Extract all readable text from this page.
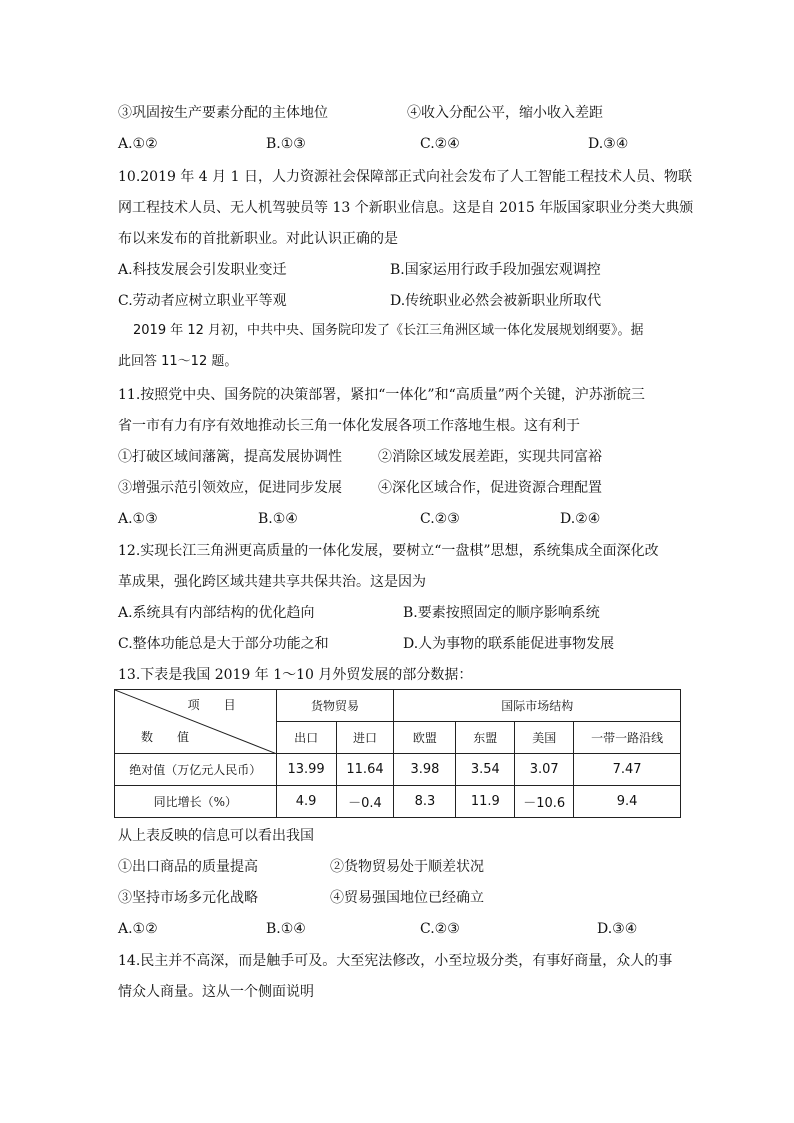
③巩固按生产要素分配的主体地位	④收入分配公平，缩小收入差距
A.①②	B.①③	C.②④	D.③④
10.2019 年 4 月 1 日，人力资源社会保障部正式向社会发布了人工智能工程技术人员、物联
网工程技术人员、无人机驾驶员等 13 个新职业信息。这是自 2015 年版国家职业分类大典颁
布以来发布的首批新职业。对此认识正确的是
A.科技发展会引发职业变迁	B.国家运用行政手段加强宏观调控
C.劳动者应树立职业平等观	D.传统职业必然会被新职业所取代
2019 年 12 月初，中共中央、国务院印发了《长江三角洲区域一体化发展规划纲要》。据
此回答 11～12 题。
11.按照党中央、国务院的决策部署，紧扣“一体化”和“高质量”两个关键，沪苏浙皖三
省一市有力有序有效地推动长三角一体化发展各项工作落地生根。这有利于
①打破区域间藩篱，提高发展协调性	②消除区域发展差距，实现共同富裕
③增强示范引领效应，促进同步发展	④深化区域合作，促进资源合理配置
A.①③	B.①④	C.②③	D.②④
12.实现长江三角洲更高质量的一体化发展，要树立“一盘棋”思想，系统集成全面深化改
革成果，强化跨区域共建共享共保共治。这是因为
A.系统具有内部结构的优化趋向	B.要素按照固定的顺序影响系统
C.整体功能总是大于部分功能之和	D.人为事物的联系能促进事物发展
13.下表是我国 2019 年 1～10 月外贸发展的部分数据：
项　　目
数　　值	货物贸易		国际市场结构			
	出口	进口	欧盟	东盟	美国	一带一路沿线
绝对值（万亿元人民币）	13.99	11.64	3.98	3.54	3.07	7.47
同比增长（%）	4.9	－0.4	8.3	11.9	－10.6	9.4
从上表反映的信息可以看出我国
①出口商品的质量提高	②货物贸易处于顺差状况
③坚持市场多元化战略	④贸易强国地位已经确立
A.①②	B.①④	C.②③	D.③④
14.民主并不高深，而是触手可及。大至宪法修改，小至垃圾分类，有事好商量，众人的事
情众人商量。这从一个侧面说明
